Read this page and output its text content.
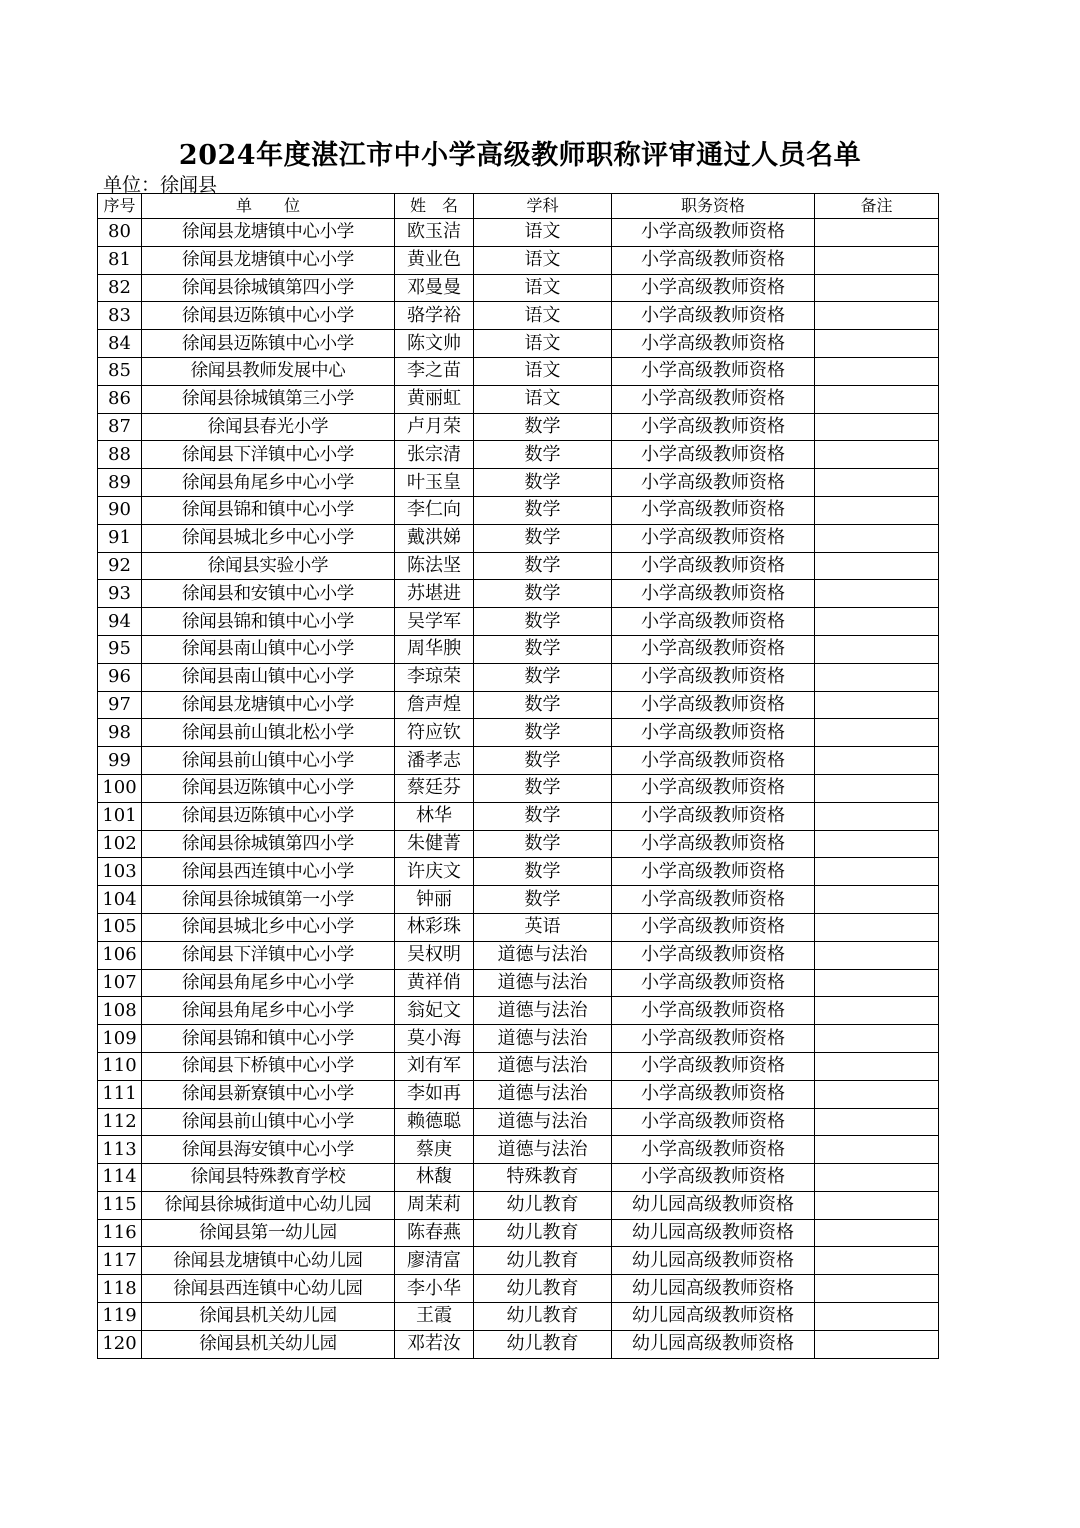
2024年度湛江市中小学高级教师职称评审通过人员名单
单位：徐闻县
序号	单　　位	姓　名	学科	职务资格	备注
80	徐闻县龙塘镇中心小学	欧玉洁	语文	小学高级教师资格	
81	徐闻县龙塘镇中心小学	黄业色	语文	小学高级教师资格	
82	徐闻县徐城镇第四小学	邓曼曼	语文	小学高级教师资格	
83	徐闻县迈陈镇中心小学	骆学裕	语文	小学高级教师资格	
84	徐闻县迈陈镇中心小学	陈文帅	语文	小学高级教师资格	
85	徐闻县教师发展中心	李之苗	语文	小学高级教师资格	
86	徐闻县徐城镇第三小学	黄丽虹	语文	小学高级教师资格	
87	徐闻县春光小学	卢月荣	数学	小学高级教师资格	
88	徐闻县下洋镇中心小学	张宗清	数学	小学高级教师资格	
89	徐闻县角尾乡中心小学	叶玉皇	数学	小学高级教师资格	
90	徐闻县锦和镇中心小学	李仁向	数学	小学高级教师资格	
91	徐闻县城北乡中心小学	戴洪娣	数学	小学高级教师资格	
92	徐闻县实验小学	陈法坚	数学	小学高级教师资格	
93	徐闻县和安镇中心小学	苏堪进	数学	小学高级教师资格	
94	徐闻县锦和镇中心小学	吴学军	数学	小学高级教师资格	
95	徐闻县南山镇中心小学	周华腴	数学	小学高级教师资格	
96	徐闻县南山镇中心小学	李琼荣	数学	小学高级教师资格	
97	徐闻县龙塘镇中心小学	詹声煌	数学	小学高级教师资格	
98	徐闻县前山镇北松小学	符应钦	数学	小学高级教师资格	
99	徐闻县前山镇中心小学	潘孝志	数学	小学高级教师资格	
100	徐闻县迈陈镇中心小学	蔡廷芬	数学	小学高级教师资格	
101	徐闻县迈陈镇中心小学	林华	数学	小学高级教师资格	
102	徐闻县徐城镇第四小学	朱健菁	数学	小学高级教师资格	
103	徐闻县西连镇中心小学	许庆文	数学	小学高级教师资格	
104	徐闻县徐城镇第一小学	钟丽	数学	小学高级教师资格	
105	徐闻县城北乡中心小学	林彩珠	英语	小学高级教师资格	
106	徐闻县下洋镇中心小学	吴权明	道德与法治	小学高级教师资格	
107	徐闻县角尾乡中心小学	黄祥俏	道德与法治	小学高级教师资格	
108	徐闻县角尾乡中心小学	翁妃文	道德与法治	小学高级教师资格	
109	徐闻县锦和镇中心小学	莫小海	道德与法治	小学高级教师资格	
110	徐闻县下桥镇中心小学	刘有军	道德与法治	小学高级教师资格	
111	徐闻县新寮镇中心小学	李如再	道德与法治	小学高级教师资格	
112	徐闻县前山镇中心小学	赖德聪	道德与法治	小学高级教师资格	
113	徐闻县海安镇中心小学	蔡庚	道德与法治	小学高级教师资格	
114	徐闻县特殊教育学校	林馥	特殊教育	小学高级教师资格	
115	徐闻县徐城街道中心幼儿园	周茉莉	幼儿教育	幼儿园高级教师资格	
116	徐闻县第一幼儿园	陈春燕	幼儿教育	幼儿园高级教师资格	
117	徐闻县龙塘镇中心幼儿园	廖清富	幼儿教育	幼儿园高级教师资格	
118	徐闻县西连镇中心幼儿园	李小华	幼儿教育	幼儿园高级教师资格	
119	徐闻县机关幼儿园	王霞	幼儿教育	幼儿园高级教师资格	
120	徐闻县机关幼儿园	邓若汝	幼儿教育	幼儿园高级教师资格	
